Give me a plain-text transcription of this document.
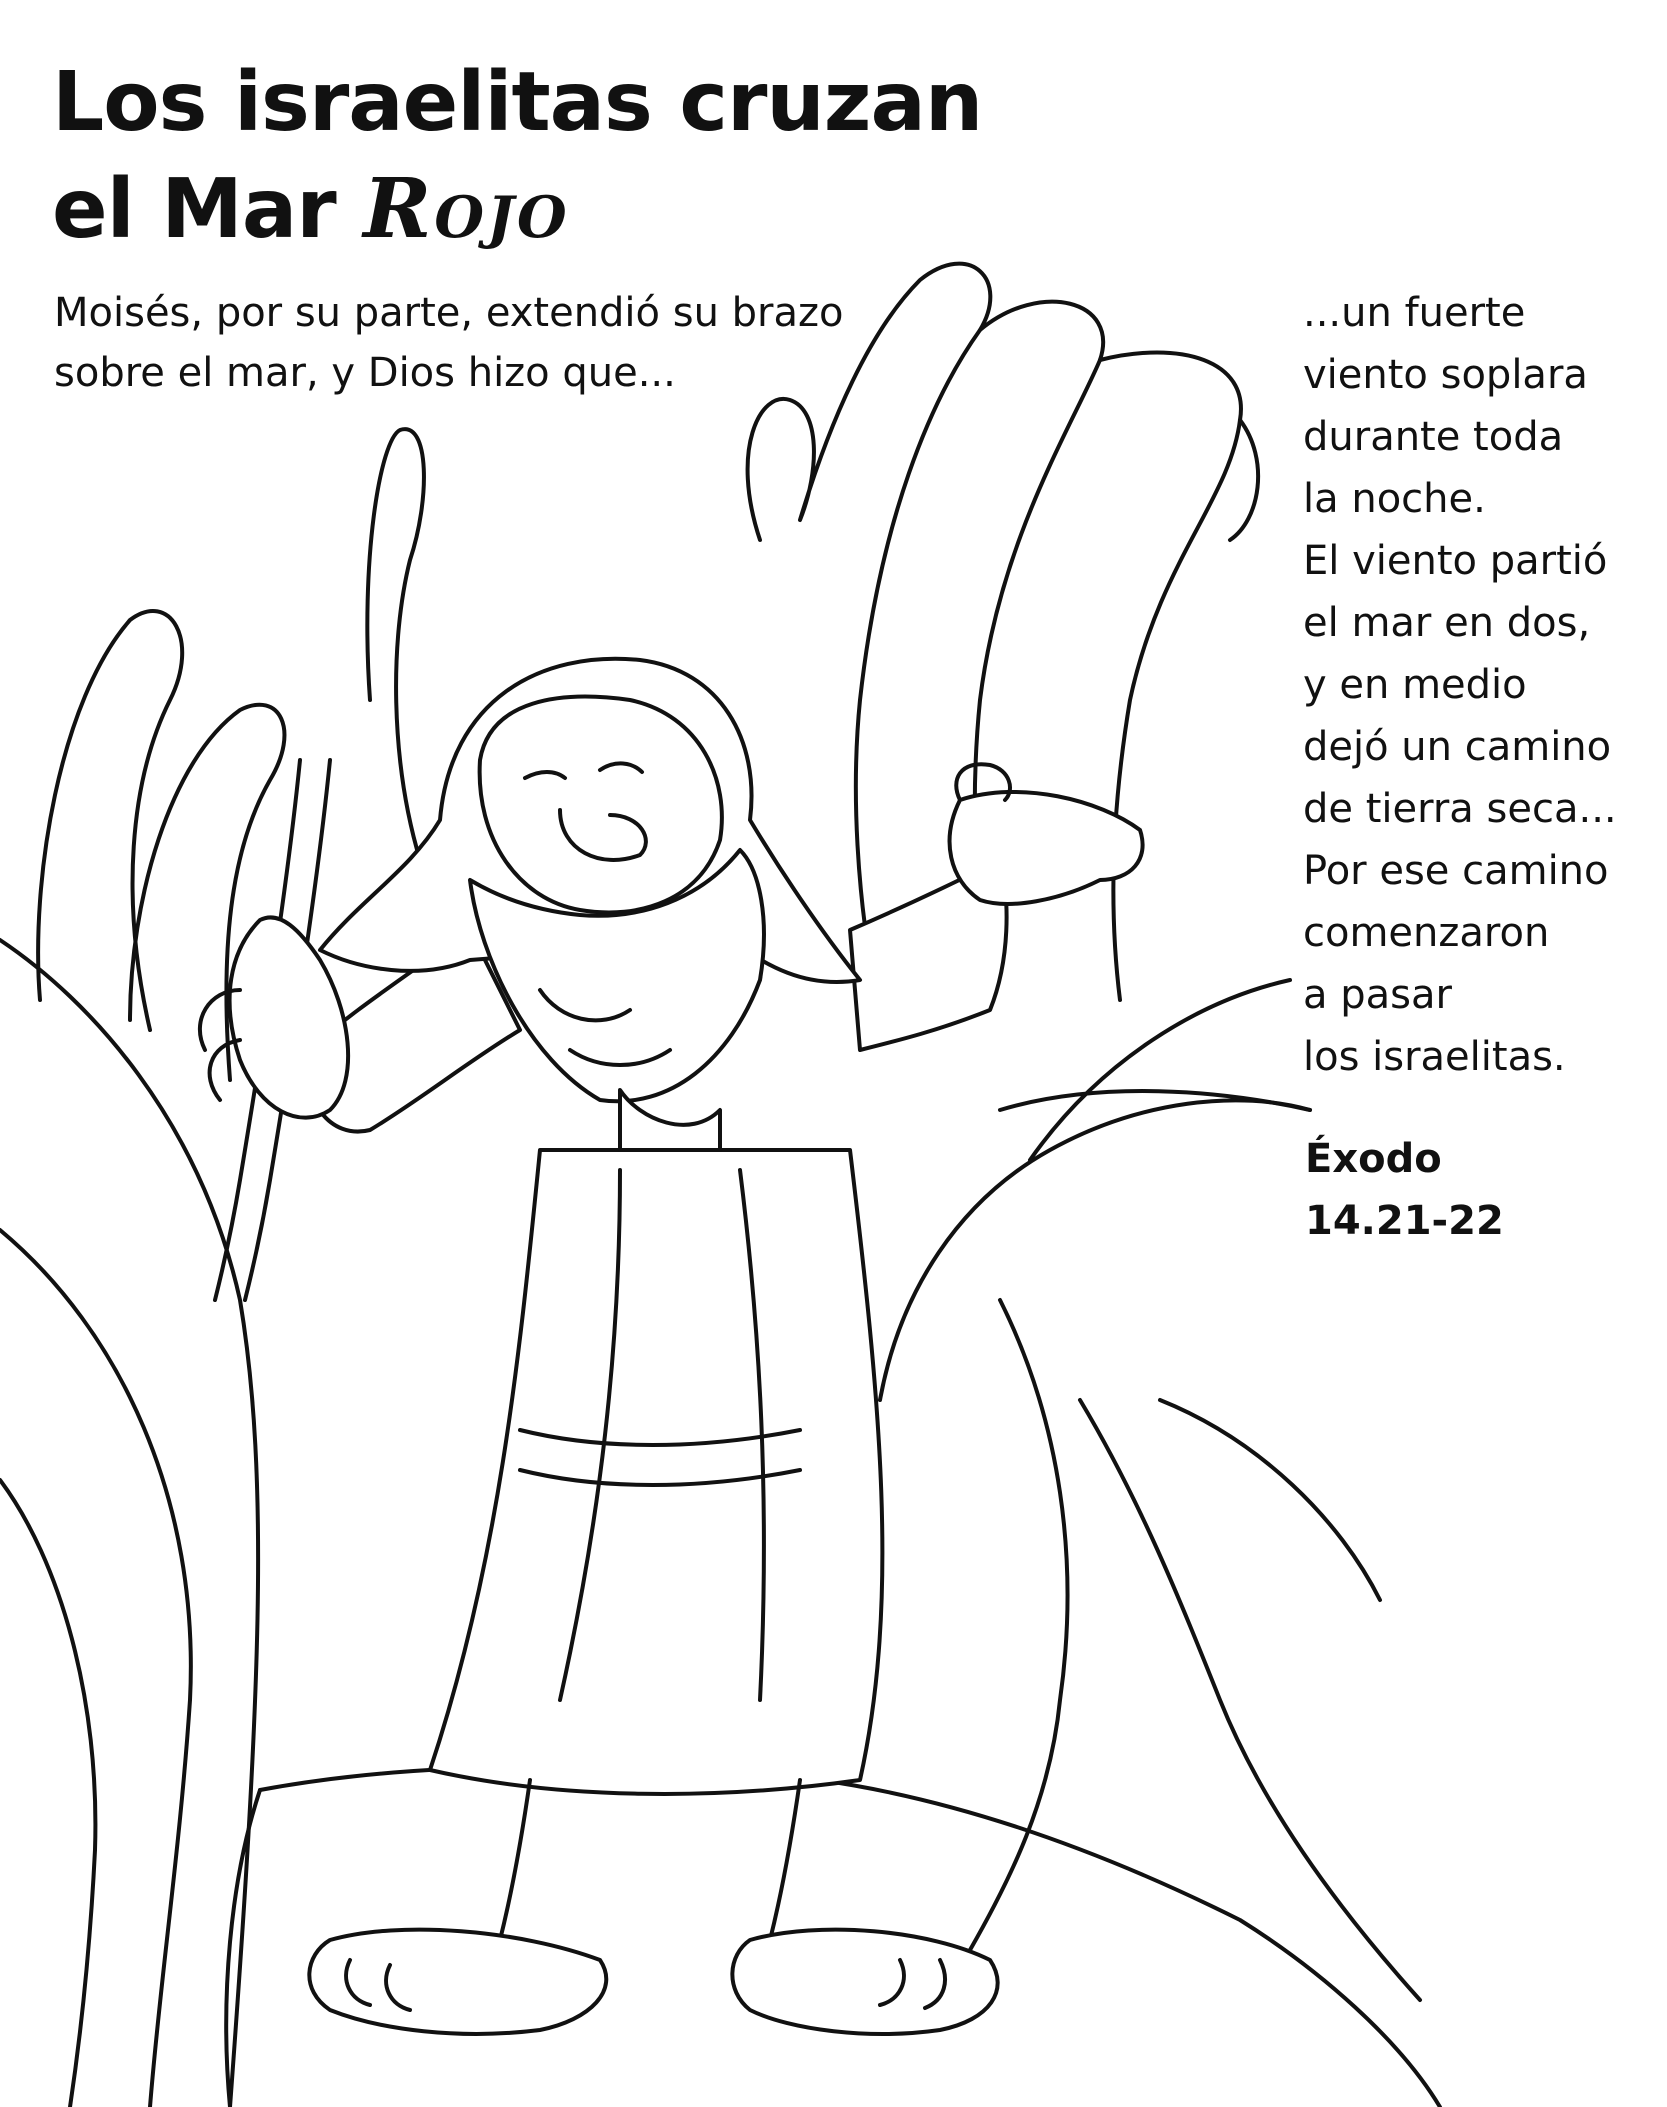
Los israelitas cruzan
el Mar Rojo

Moisés, por su parte, extendió su brazo
sobre el mar, y Dios hizo que...

...un fuerte
viento soplara
durante toda
la noche.
El viento partió
el mar en dos,
y en medio
dejó un camino
de tierra seca...
Por ese camino
comenzaron
a pasar
los israelitas.
Éxodo
14.21-22
